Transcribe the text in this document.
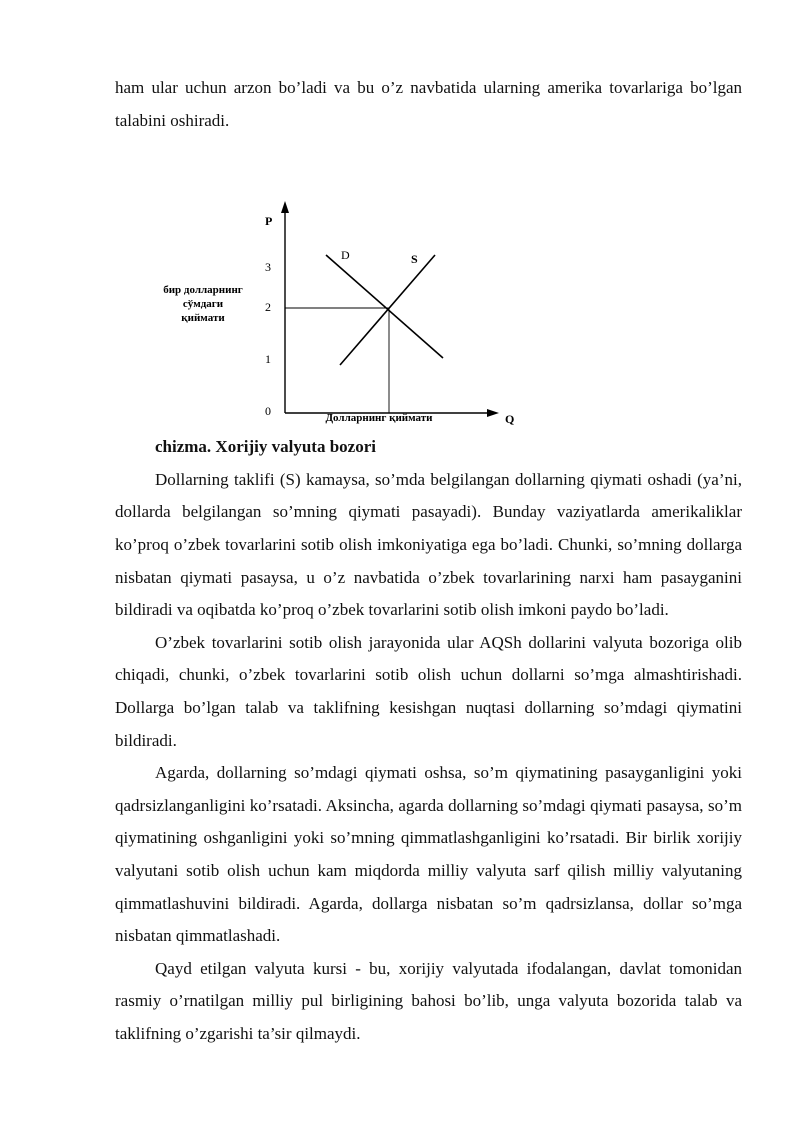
ham ular uchun arzon bo’ladi va bu o’z navbatida ularning amerika tovarlariga bo’lgan talabini oshiradi.

P
Q
3
2
1
0
D	S
бир долларнинг
сўмдаги
қиймати
Долларнинг қиймати
chizma. Xorijiy valyuta bozori

Dollarning taklifi (S) kamaysa, so’mda belgilangan dollarning qiymati oshadi (ya’ni, dollarda belgilangan so’mning qiymati pasayadi). Bunday vaziyatlarda amerikaliklar ko’proq o’zbek tovarlarini sotib olish imkoniyatiga ega bo’ladi. Chunki, so’mning dollarga nisbatan qiymati pasaysa, u o’z navbatida o’zbek tovarlarining narxi ham pasayganini bildiradi va oqibatda ko’proq o’zbek tovarlarini sotib olish imkoni paydo bo’ladi.

O’zbek tovarlarini sotib olish jarayonida ular AQSh dollarini valyuta bozoriga olib chiqadi, chunki, o’zbek tovarlarini sotib olish uchun dollarni so’mga almashtirishadi. Dollarga bo’lgan talab va taklifning kesishgan nuqtasi dollarning so’mdagi qiymatini bildiradi.

Agarda, dollarning so’mdagi qiymati oshsa, so’m qiymatining pasayganligini yoki qadrsizlanganligini ko’rsatadi. Aksincha, agarda dollarning so’mdagi qiymati pasaysa, so’m qiymatining oshganligini yoki so’mning qimmatlashganligini ko’rsatadi. Bir birlik xorijiy valyutani sotib olish uchun kam miqdorda milliy valyuta sarf qilish milliy valyutaning qimmatlashuvini bildiradi. Agarda, dollarga nisbatan so’m qadrsizlansa, dollar so’mga nisbatan qimmatlashadi.

Qayd etilgan valyuta kursi - bu, xorijiy valyutada ifodalangan, davlat tomonidan rasmiy o’rnatilgan milliy pul birligining bahosi bo’lib, unga valyuta bozorida talab va taklifning o’zgarishi ta’sir qilmaydi.
